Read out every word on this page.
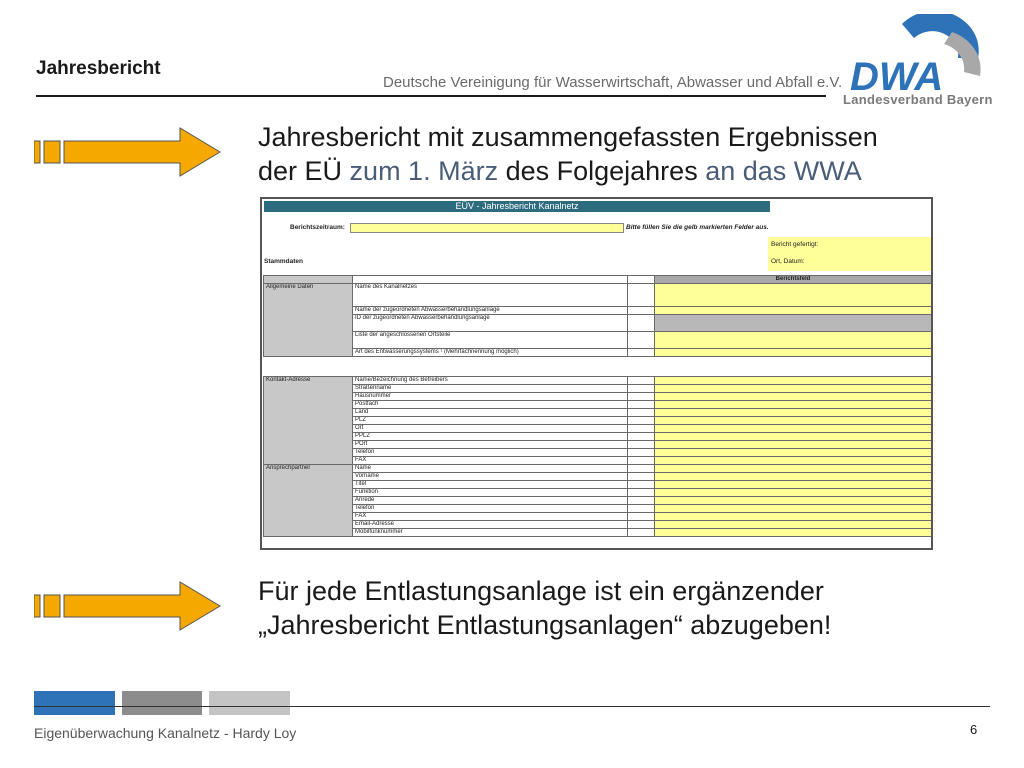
Jahresbericht
Deutsche Vereinigung für Wasserwirtschaft, Abwasser und Abfall e.V. DWA
Landesverband Bayern
Jahresbericht mit zusammengefassten Ergebnissen
der EÜ zum 1. März des Folgejahres an das WWA
EÜV - Jahresbericht Kanalnetz
Berichtszeitraum:	Bitte füllen Sie die gelb markierten Felder aus.
Bericht gefertigt:
Ort, Datum:
Stammdaten
			Berichtsfeld
Allgemeine Daten	Name des Kanalnetzes		
	Name der zugeordneten Abwasserbehandlungsanlage		
	ID der zugeordneten Abwasserbehandlungsanlage		
	Liste der angeschlossenen Ortsteile		
	Art des Entwässerungssystems ¹ (Mehrfachnennung möglich)		
Kontakt-Adresse	Name/Bezeichnung des Betreibers		
	Straßenname		
	Hausnummer		
	Postfach		
	Land		
	PLZ		
	Ort		
	PPLZ		
	POrt		
	Telefon		
	FAX		
Ansprechpartner	Name		
	Vorname		
	Titel		
	Funktion		
	Anrede		
	Telefon		
	FAX		
	Email-Adresse		
	Mobilfunknummer		
Für jede Entlastungsanlage ist ein ergänzender
„Jahresbericht Entlastungsanlagen“ abzugeben!
Eigenüberwachung Kanalnetz - Hardy Loy	6
